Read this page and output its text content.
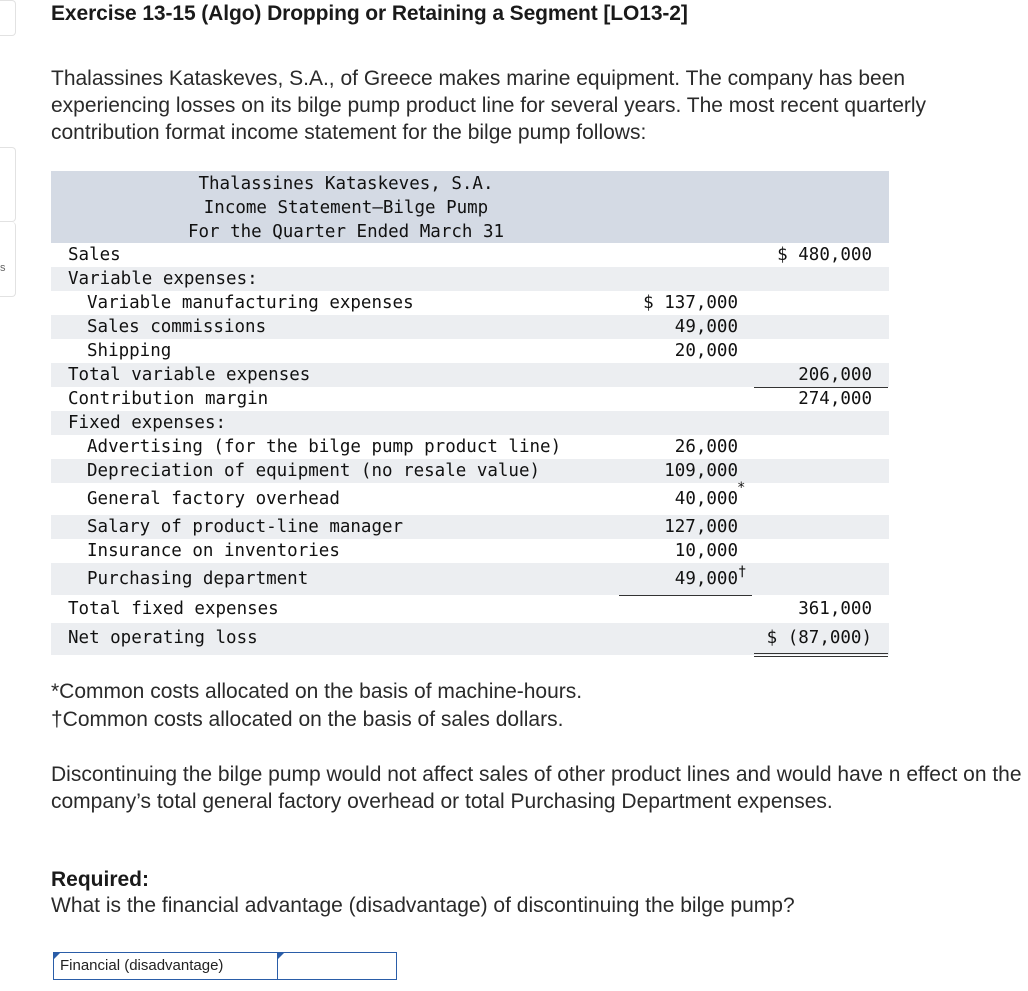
s
Exercise 13-15 (Algo) Dropping or Retaining a Segment [LO13-2]

Thalassines Kataskeves, S.A., of Greece makes marine equipment. The company has been experiencing losses on its bilge pump product line for several years. The most recent quarterly contribution format income statement for the bilge pump follows:

Thalassines Kataskeves, S.A.
Income Statement—Bilge Pump
For the Quarter Ended March 31
Sales	$ 480,000
Variable expenses:
Variable manufacturing expenses	$ 137,000
Sales commissions	49,000
Shipping	20,000
Total variable expenses	206,000
Contribution margin	274,000
Fixed expenses:
Advertising (for the bilge pump product line)	26,000
Depreciation of equipment (no resale value)	109,000
General factory overhead	40,000
*
Salary of product-line manager	127,000
Insurance on inventories	10,000
Purchasing department	49,000 †
Total fixed expenses	361,000
Net operating loss	$ (87,000)

*Common costs allocated on the basis of machine-hours.

†Common costs allocated on the basis of sales dollars.

Discontinuing the bilge pump would not affect sales of other product lines and would have n effect on the company’s total general factory overhead or total Purchasing Department expenses.

Required:

What is the financial advantage (disadvantage) of discontinuing the bilge pump?

Financial (disadvantage)
